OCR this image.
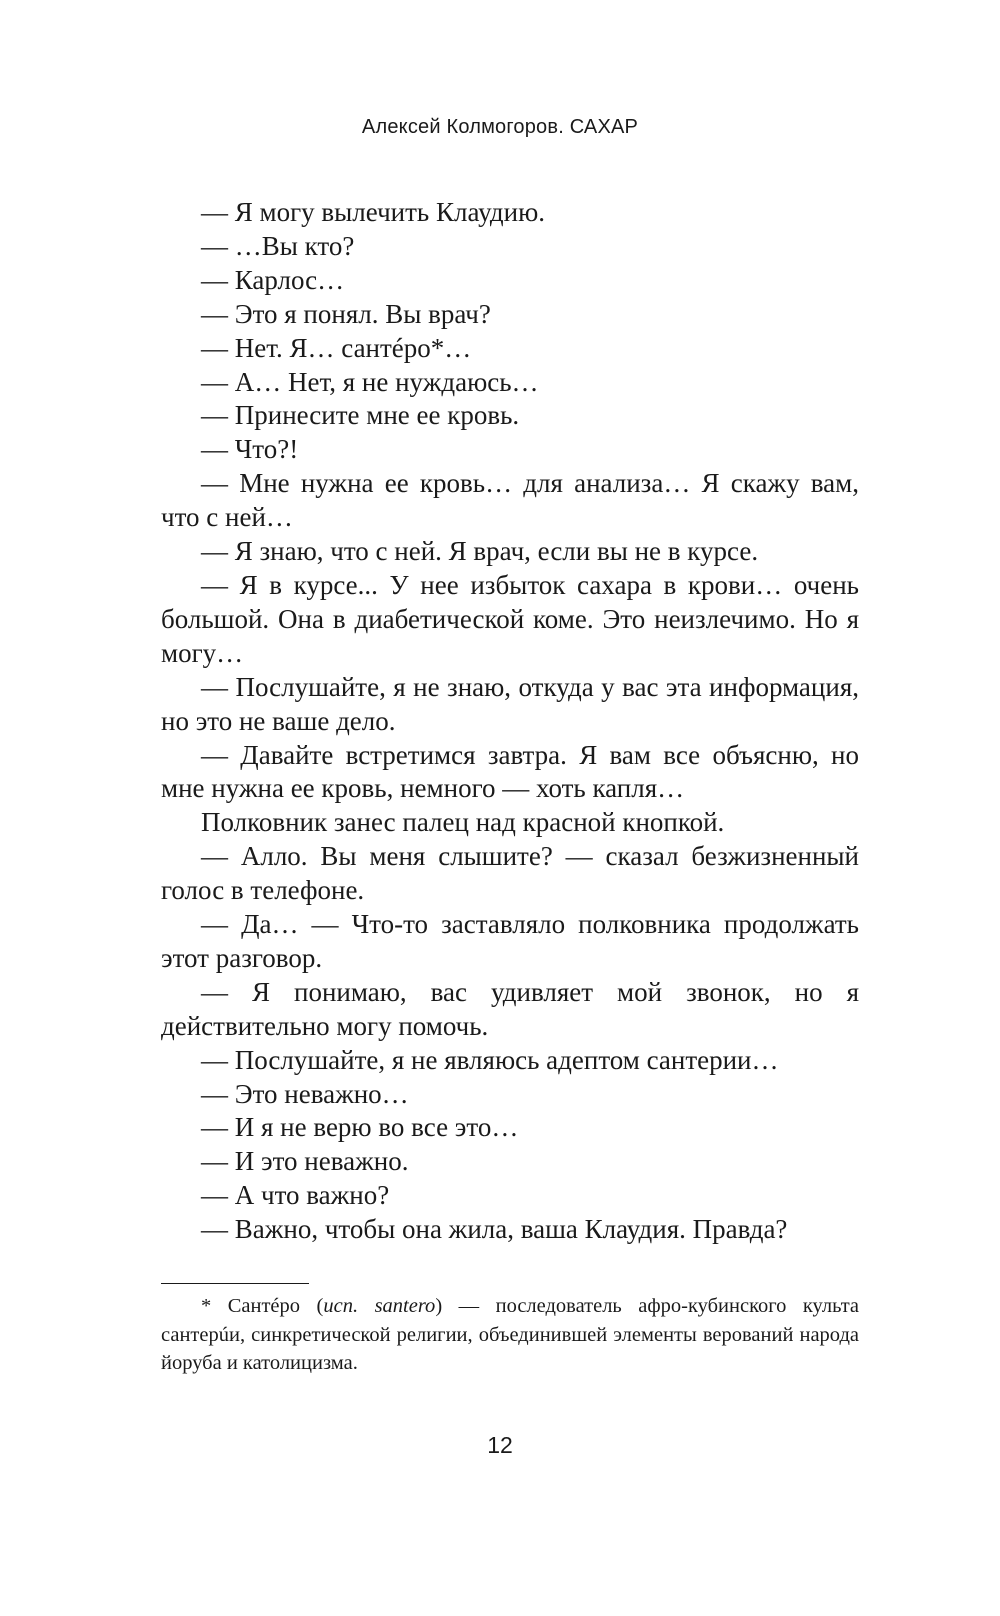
Алексей Колмогоров. САХАР

— Я могу вылечить Клаудию.

— …Вы кто?

— Карлос…

— Это я понял. Вы врач?

— Нет. Я… сантéро*…

— А… Нет, я не нуждаюсь…

— Принесите мне ее кровь.

— Что?!

— Мне нужна ее кровь… для анализа… Я скажу вам, что с ней…

— Я знаю, что с ней. Я врач, если вы не в курсе.

— Я в курсе... У нее избыток сахара в крови… очень большой. Она в диабетической коме. Это неизлечимо. Но я могу…

— Послушайте, я не знаю, откуда у вас эта информация, но это не ваше дело.

— Давайте встретимся завтра. Я вам все объясню, но мне нужна ее кровь, немного — хоть капля…

Полковник занес палец над красной кнопкой.

— Алло. Вы меня слышите? — сказал безжизненный голос в телефоне.

— Да… — Что-то заставляло полковника продолжать этот разговор.

— Я понимаю, вас удивляет мой звонок, но я действительно могу помочь.

— Послушайте, я не являюсь адептом сантерии…

— Это неважно…

— И я не верю во все это…

— И это неважно.

— А что важно?

— Важно, чтобы она жила, ваша Клаудия. Правда?

* Сантéро (исп. santero) — последователь афро-кубинского культа сантерúи, синкретической религии, объединившей элементы верований народа йоруба и католицизма.

12
